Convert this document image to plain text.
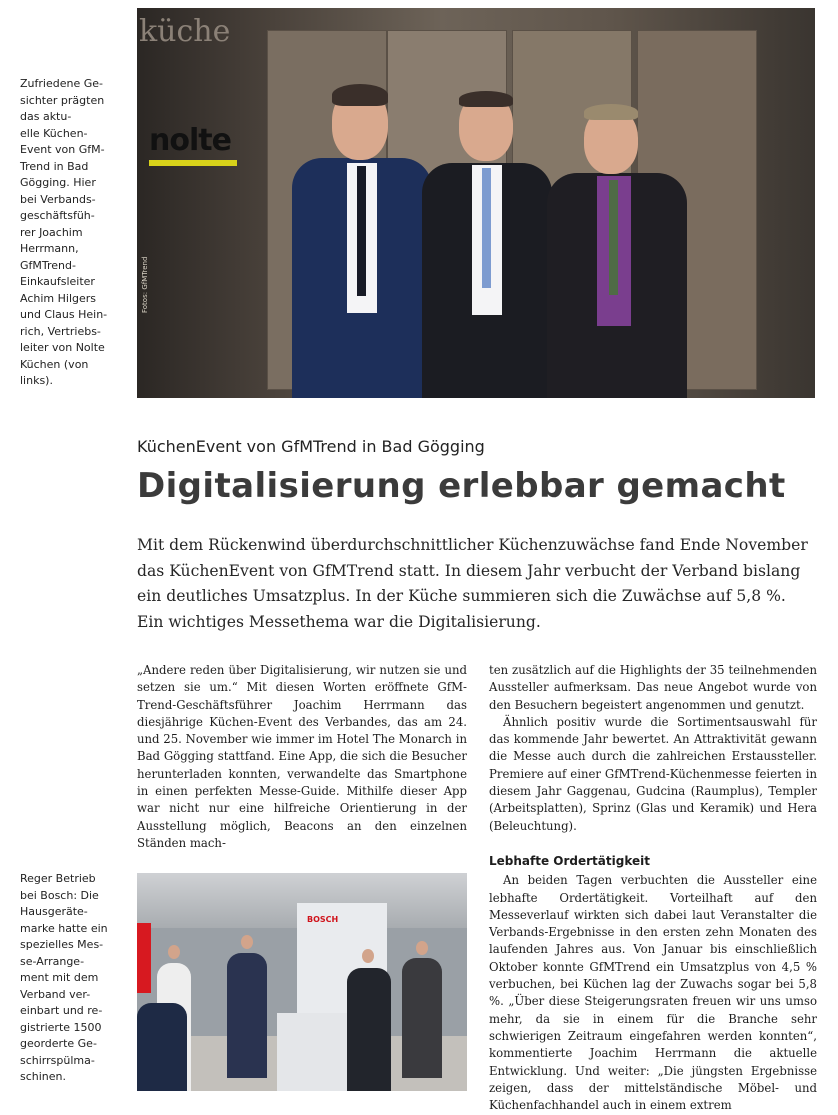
Zufriedene Ge-
sichter prägten
das aktu-
elle Küchen-
Event von GfM-
Trend in Bad
Gögging. Hier
bei Verbands-
geschäftsfüh-
rer Joachim
Herrmann,
GfMTrend-
Einkaufsleiter
Achim Hilgers
und Claus Hein-
rich, Vertriebs-
leiter von Nolte
Küchen (von
links).
küche
nolte
Fotos: GfMTrend
KüchenEvent von GfMTrend in Bad Gögging
Digitalisierung erlebbar gemacht

Mit dem Rückenwind überdurchschnittlicher Küchenzuwächse fand Ende November das KüchenEvent von GfMTrend statt. In diesem Jahr verbucht der Verband bislang ein deutliches Umsatzplus. In der Küche summieren sich die Zuwächse auf 5,8 %. Ein wichtiges Messethema war die Digitalisierung.

„Andere reden über Digitalisierung, wir nutzen sie und setzen sie um.“ Mit diesen Worten eröffnete GfM-Trend-Geschäftsführer Joachim Herrmann das diesjährige Küchen-Event des Verbandes, das am 24. und 25. November wie immer im Hotel The Monarch in Bad Gögging stattfand. Eine App, die sich die Besucher herunterladen konnten, verwandelte das Smartphone in einen perfekten Messe-Guide. Mithilfe dieser App war nicht nur eine hilfreiche Orientierung in der Ausstellung möglich, Beacons an den einzelnen Ständen mach-

ten zusätzlich auf die Highlights der 35 teilnehmenden Aussteller aufmerksam. Das neue Angebot wurde von den Besuchern begeistert angenommen und genutzt.

Ähnlich positiv wurde die Sortimentsauswahl für das kommende Jahr bewertet. An Attraktivität gewann die Messe auch durch die zahlreichen Erstaussteller. Premiere auf einer GfMTrend-Küchenmesse feierten in diesem Jahr Gaggenau, Gudcina (Raumplus), Templer (Arbeitsplatten), Sprinz (Glas und Keramik) und Hera (Beleuchtung).

Lebhafte Ordertätigkeit

An beiden Tagen verbuchten die Aussteller eine lebhafte Ordertätigkeit. Vorteilhaft auf den Messeverlauf wirkten sich dabei laut Veranstalter die Verbands-Ergebnisse in den ersten zehn Monaten des laufenden Jahres aus. Von Januar bis einschließlich Oktober konnte GfMTrend ein Umsatzplus von 4,5 % verbuchen, bei Küchen lag der Zuwachs sogar bei 5,8 %. „Über diese Steigerungsraten freuen wir uns umso mehr, da sie in einem für die Branche sehr schwierigen Zeitraum eingefahren werden konnten“, kommentierte Joachim Herrmann die aktuelle Entwicklung. Und weiter: „Die jüngsten Ergebnisse zeigen, dass der mittelständische Möbel- und Küchenfachhandel auch in einem extrem

Reger Betrieb
bei Bosch: Die
Hausgeräte-
marke hatte ein
spezielles Mes-
se-Arrange-
ment mit dem
Verband ver-
einbart und re-
gistrierte 1500
georderte Ge-
schirrspülma-
schinen.
BOSCH
